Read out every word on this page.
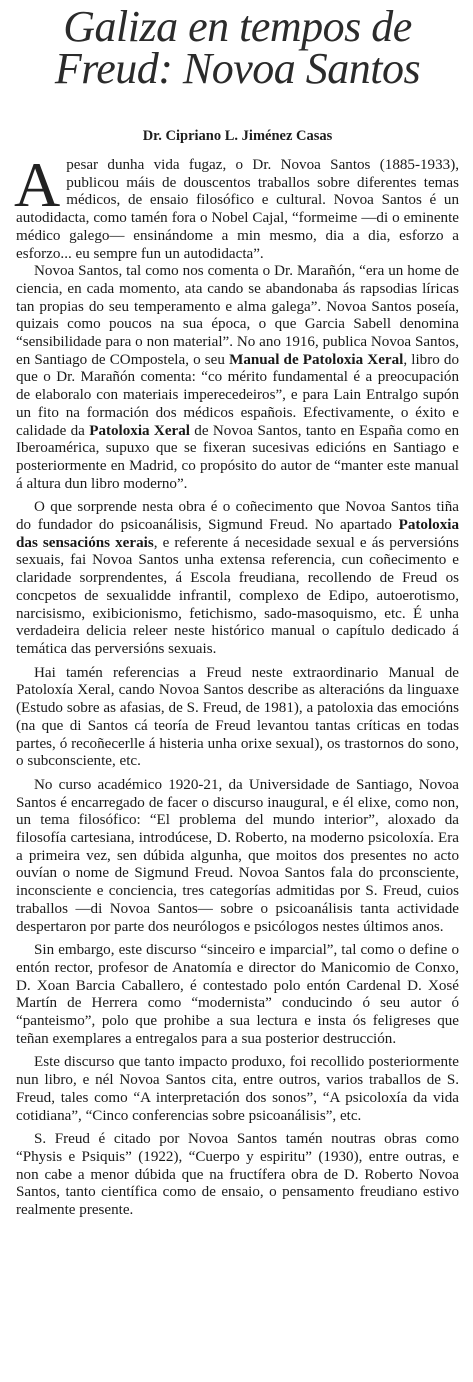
Galiza en tempos de
Freud: Novoa Santos
Dr. Cipriano L. Jiménez Casas

Apesar dunha vida fugaz, o Dr. Novoa Santos (1885-1933), publicou máis de douscentos traballos sobre diferentes temas médicos, de ensaio filosófico e cultural. Novoa Santos é un autodidacta, como tamén fora o Nobel Cajal, “formeime —di o eminente médico galego— ensinándome a min mesmo, dia a dia, esforzo a esforzo... eu sempre fun un autodidacta”.

Novoa Santos, tal como nos comenta o Dr. Marañón, “era un home de ciencia, en cada momento, ata cando se abandonaba ás rapsodias líricas tan propias do seu temperamento e alma galega”. Novoa Santos poseía, quizais como poucos na sua época, o que Garcia Sabell denomina “sensibilidade para o non material”. No ano 1916, publica Novoa Santos, en Santiago de COmpostela, o seu Manual de Patoloxia Xeral, libro do que o Dr. Marañón comenta: “co mérito fundamental é a preocupación de elaboralo con materiais imperecedeiros”, e para Lain Entralgo supón un fito na formación dos médicos españois. Efectivamente, o éxito e calidade da Patoloxia Xeral de Novoa Santos, tanto en España como en Iberoamérica, supuxo que se fixeran sucesivas edicións en Santiago e posteriormente en Madrid, co propósito do autor de “manter este manual á altura dun libro moderno”.

O que sorprende nesta obra é o coñecimento que Novoa Santos tiña do fundador do psicoanálisis, Sigmund Freud. No apartado Patoloxia das sensacións xerais, e referente á necesidade sexual e ás perversións sexuais, fai Novoa Santos unha extensa referencia, cun coñecimento e claridade sorprendentes, á Escola freudiana, recollendo de Freud os concpetos de sexualidde infrantil, complexo de Edipo, autoerotismo, narcisismo, exibicionismo, fetichismo, sado-masoquismo, etc. É unha verdadeira delicia releer neste histórico manual o capítulo dedicado á temática das perversións sexuais.

Hai tamén referencias a Freud neste extraordinario Manual de Patoloxía Xeral, cando Novoa Santos describe as alteracións da linguaxe (Estudo sobre as afasias, de S. Freud, de 1981), a patoloxia das emocións (na que di Santos cá teoría de Freud levantou tantas críticas en todas partes, ó recoñecerlle á histeria unha orixe sexual), os trastornos do sono, o subconsciente, etc.

No curso académico 1920-21, da Universidade de Santiago, Novoa Santos é encarregado de facer o discurso inaugural, e él elixe, como non, un tema filosófico: “El problema del mundo interior”, aloxado da filosofía cartesiana, introdúcese, D. Roberto, na moderno psicoloxía. Era a primeira vez, sen dúbida algunha, que moitos dos presentes no acto ouvían o nome de Sigmund Freud. Novoa Santos fala do prconsciente, inconsciente e conciencia, tres categorías admitidas por S. Freud, cuios traballos —di Novoa Santos— sobre o psicoanálisis tanta actividade despertaron por parte dos neurólogos e psicólogos nestes últimos anos.

Sin embargo, este discurso “sinceiro e imparcial”, tal como o define o entón rector, profesor de Anatomía e director do Manicomio de Conxo, D. Xoan Barcia Caballero, é contestado polo entón Cardenal D. Xosé Martín de Herrera como “modernista” conducindo ó seu autor ó “panteismo”, polo que prohibe a sua lectura e insta ós feligreses que teñan exemplares a entregalos para a sua posterior destrucción.

Este discurso que tanto impacto produxo, foi recollido posteriormente nun libro, e nél Novoa Santos cita, entre outros, varios traballos de S. Freud, tales como “A interpretación dos sonos”, “A psicoloxía da vida cotidiana”, “Cinco conferencias sobre psicoanálisis”, etc.

S. Freud é citado por Novoa Santos tamén noutras obras como “Physis e Psiquis” (1922), “Cuerpo y espiritu” (1930), entre outras, e non cabe a menor dúbida que na fructífera obra de D. Roberto Novoa Santos, tanto científica como de ensaio, o pensamento freudiano estivo realmente presente.
